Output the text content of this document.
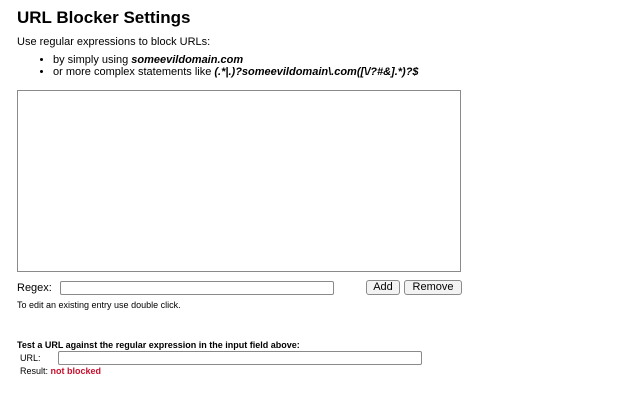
URL Blocker Settings
Use regular expressions to block URLs:
• by simply using someevildomain.com
• or more complex statements like (.*|.)?someevildomain\.com([\/?#&].*)?$
Regex:	Add	Remove
To edit an existing entry use double click.
Test a URL against the regular expression in the input field above:
URL:
Result: not blocked
